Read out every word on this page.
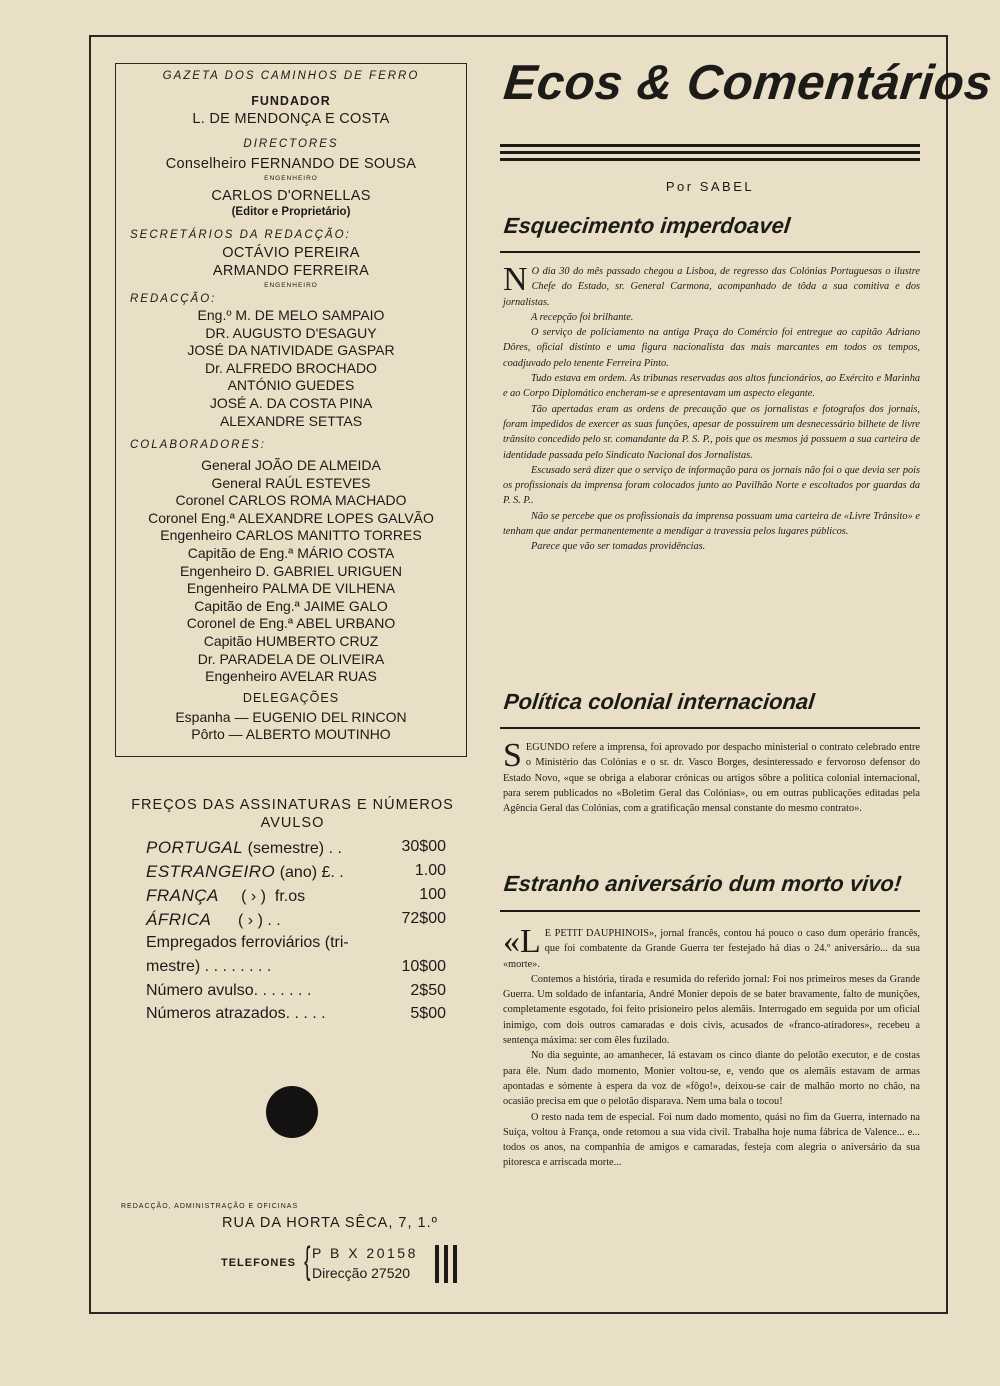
GAZETA DOS CAMINHOS DE FERRO
FUNDADOR
L. DE MENDONÇA E COSTA
DIRECTORES
Conselheiro FERNANDO DE SOUSA
ENGENHEIRO
CARLOS D'ORNELLAS
(Editor e Proprietário)
SECRETÁRIOS DA REDACÇÃO:
OCTÁVIO PEREIRA
ARMANDO FERREIRA
ENGENHEIRO
REDACÇÃO:
Eng.º M. DE MELO SAMPAIO
DR. AUGUSTO D'ESAGUY
JOSÉ DA NATIVIDADE GASPAR
Dr. ALFREDO BROCHADO
ANTÓNIO GUEDES
JOSÉ A. DA COSTA PINA
ALEXANDRE SETTAS
COLABORADORES:
General JOÃO DE ALMEIDA
General RAÚL ESTEVES
Coronel CARLOS ROMA MACHADO
Coronel Eng.ª ALEXANDRE LOPES GALVÃO
Engenheiro CARLOS MANITTO TORRES
Capitão de Eng.ª MÁRIO COSTA
Engenheiro D. GABRIEL URIGUEN
Engenheiro PALMA DE VILHENA
Capitão de Eng.ª JAIME GALO
Coronel de Eng.ª ABEL URBANO
Capitão HUMBERTO CRUZ
Dr. PARADELA DE OLIVEIRA
Engenheiro AVELAR RUAS
DELEGAÇÕES
Espanha — EUGENIO DEL RINCON
Pôrto — ALBERTO MOUTINHO
FREÇOS DAS ASSINATURAS E NÚMEROS
AVULSO
PORTUGAL (semestre) . .	30$00
ESTRANGEIRO (ano) £. .	1.00
FRANÇA     ( › )  fr.os	100
ÁFRICA      ( › ) . .	72$00
Empregados ferroviários (tri-
mestre) . . . . . . . .	10$00
Número avulso. . . . . . .	2$50
Números atrazados. . . . .	5$00
REDACÇÃO, ADMINISTRAÇÃO E OFICINAS
RUA DA HORTA SÊCA, 7, 1.º
TELEFONES { P B X 20158
Direcção 27520
Ecos & Comentários
Por SABEL
Esquecimento imperdoavel

N O dia 30 do mês passado chegou a Lisboa, de regresso das Colónias Portuguesas o ilustre Chefe do Estado, sr. General Carmona, acompanhado de tôda a sua comitiva e dos jornalistas.

A recepção foi brilhante.

O serviço de policiamento na antiga Praça do Comércio foi entregue ao capitão Adriano Dôres, oficial distinto e uma figura nacionalista das mais marcantes em todos os tempos, coadjuvado pelo tenente Ferreira Pinto.

Tudo estava em ordem. As tribunas reservadas aos altos funcionários, ao Exército e Marinha e ao Corpo Diplomático encheram-se e apresentavam um aspecto elegante.

Tão apertadas eram as ordens de precaução que os jornalistas e fotografos dos jornais, foram impedidos de exercer as suas funções, apesar de possuirem um desnecessário bilhete de livre trânsito concedido pelo sr. comandante da P. S. P., pois que os mesmos já possuem a sua carteira de identidade passada pelo Sindicato Nacional dos Jornalistas.

Escusado será dizer que o serviço de informação para os jornais não foi o que devia ser pois os profissionais da imprensa foram colocados junto ao Pavilhão Norte e escoltados por guardas da P. S. P..

Não se percebe que os profissionais da imprensa possuam uma carteira de «Livre Trânsito» e tenham que andar permanentemente a mendigar a travessia pelos lugares públicos.

Parece que vão ser tomadas providências.

Política colonial internacional

SEGUNDO refere a imprensa, foi aprovado por despacho ministerial o contrato celebrado entre o Ministério das Colónias e o sr. dr. Vasco Borges, desinteressado e fervoroso defensor do Estado Novo, «que se obriga a elaborar crónicas ou artigos sôbre a política colonial internacional, para serem publicados no «Boletim Geral das Colónias», ou em outras publicações editadas pela Agência Geral das Colónias, com a gratificação mensal constante do mesmo contrato».

Estranho aniversário dum morto vivo!

«L E PETIT DAUPHINOIS», jornal francês, contou há pouco o caso dum operário francês, que foi combatente da Grande Guerra ter festejado há dias o 24.º aniversário... da sua «morte».

Contemos a história, tirada e resumida do referido jornal: Foi nos primeiros meses da Grande Guerra. Um soldado de infantaria, André Monier depois de se bater bravamente, falto de munições, completamente esgotado, foi feito prisioneiro pelos alemãis. Interrogado em seguida por um oficial inimigo, com dois outros camaradas e dois civis, acusados de «franco-atiradores», recebeu a sentença máxima: ser com êles fuzilado.

No dia seguinte, ao amanhecer, lá estavam os cinco diante do pelotão executor, e de costas para êle. Num dado momento, Monier voltou-se, e, vendo que os alemãis estavam de armas apontadas e sómente à espera da voz de «fôgo!», deixou-se cair de malhão morto no chão, na ocasião precisa em que o pelotão disparava. Nem uma bala o tocou!

O resto nada tem de especial. Foi num dado momento, quási no fim da Guerra, internado na Suíça, voltou à França, onde retomou a sua vida civil. Trabalha hoje numa fábrica de Valence... e... todos os anos, na companhia de amigos e camaradas, festeja com alegria o aniversário da sua pitoresca e arriscada morte...
